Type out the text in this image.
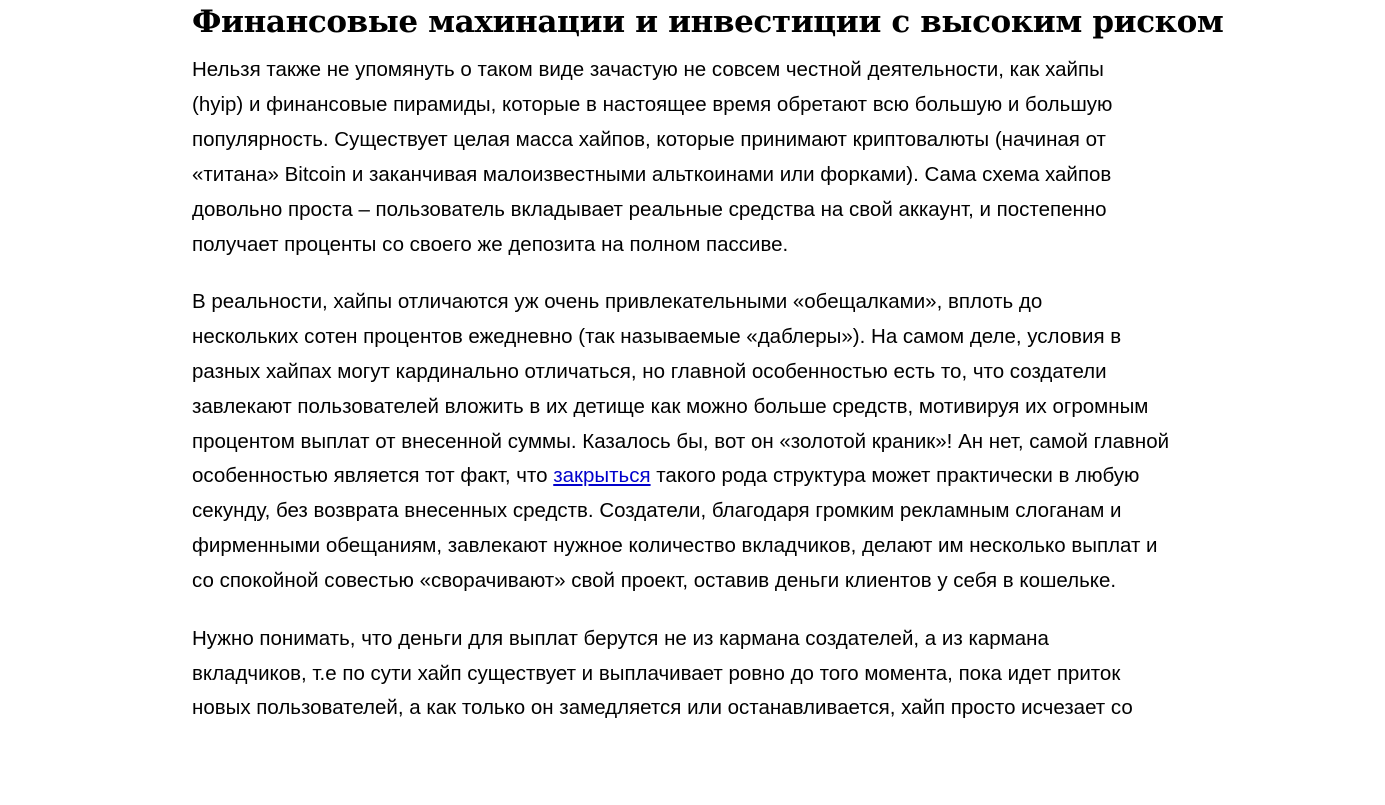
Финансовые махинации и инвестиции с высоким риском

Нельзя также не упомянуть о таком виде зачастую не совсем честной деятельности, как хайпы
(hyip) и финансовые пирамиды, которые в настоящее время обретают всю большую и большую
популярность. Существует целая масса хайпов, которые принимают криптовалюты (начиная от
«титана» Bitcoin и заканчивая малоизвестными альткоинами или форками). Сама схема хайпов
довольно проста – пользователь вкладывает реальные средства на свой аккаунт, и постепенно
получает проценты со своего же депозита на полном пассиве.

В реальности, хайпы отличаются уж очень привлекательными «обещалками», вплоть до
нескольких сотен процентов ежедневно (так называемые «даблеры»). На самом деле, условия в
разных хайпах могут кардинально отличаться, но главной особенностью есть то, что создатели
завлекают пользователей вложить в их детище как можно больше средств, мотивируя их огромным
процентом выплат от внесенной суммы. Казалось бы, вот он «золотой краник»! Ан нет, самой главной
особенностью является тот факт, что закрыться такого рода структура может практически в любую
секунду, без возврата внесенных средств. Создатели, благодаря громким рекламным слоганам и
фирменными обещаниям, завлекают нужное количество вкладчиков, делают им несколько выплат и
со спокойной совестью «сворачивают» свой проект, оставив деньги клиентов у себя в кошельке.

Нужно понимать, что деньги для выплат берутся не из кармана создателей, а из кармана
вкладчиков, т.е по сути хайп существует и выплачивает ровно до того момента, пока идет приток
новых пользователей, а как только он замедляется или останавливается, хайп просто исчезает со
